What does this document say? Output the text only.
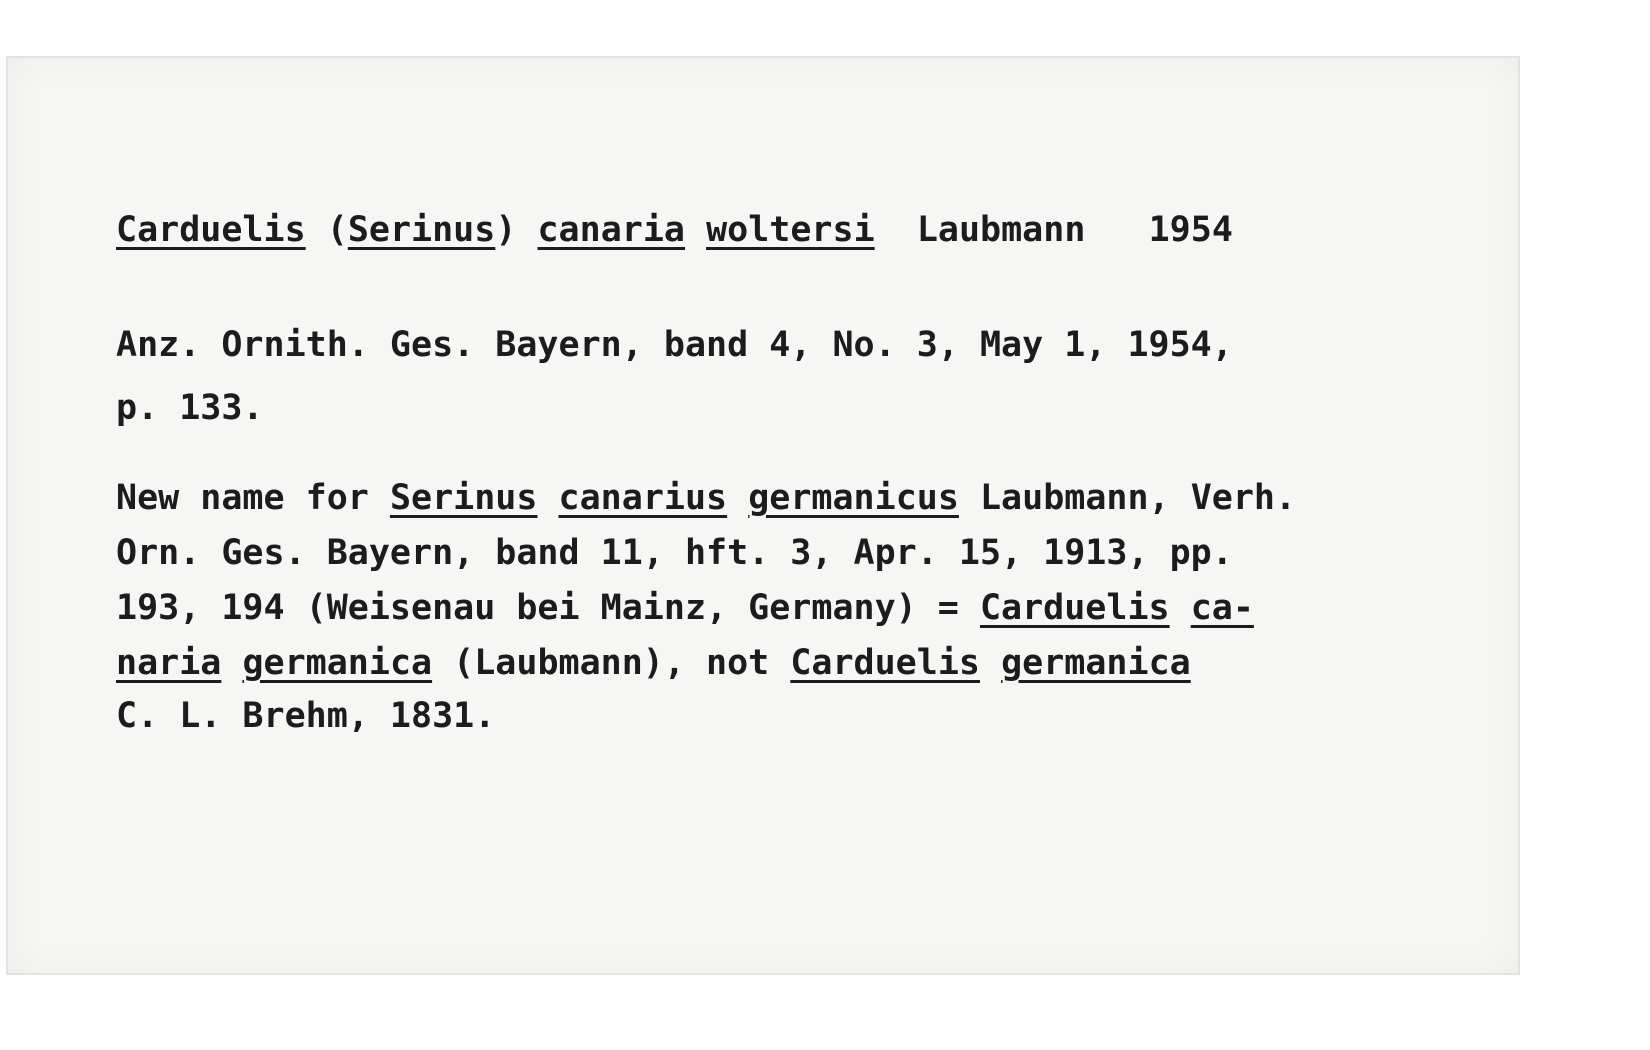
Carduelis (Serinus) canaria woltersi Laubmann 1954
Anz. Ornith. Ges. Bayern, band 4, No. 3, May 1, 1954,
p. 133.
New name for Serinus canarius germanicus Laubmann, Verh.
Orn. Ges. Bayern, band 11, hft. 3, Apr. 15, 1913, pp.
193, 194 (Weisenau bei Mainz, Germany) = Carduelis ca-
naria germanica (Laubmann), not Carduelis germanica
C. L. Brehm, 1831.
